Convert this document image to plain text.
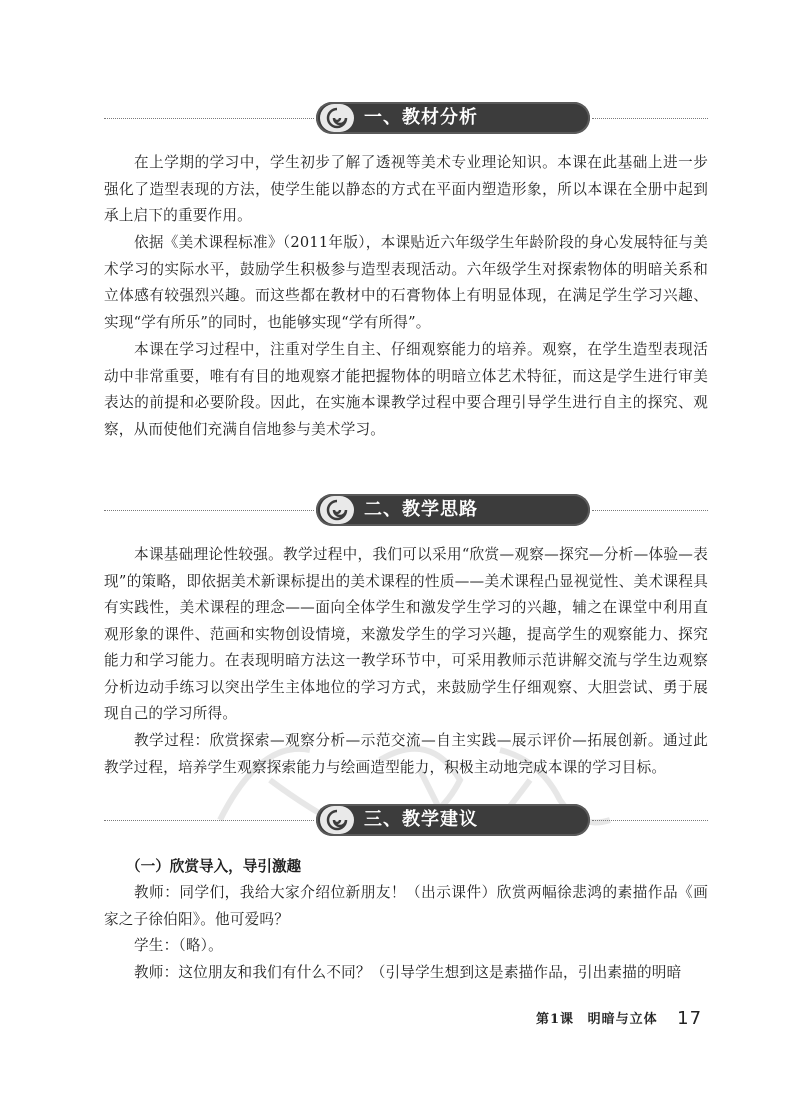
一、教材分析

在上学期的学习中，学生初步了解了透视等美术专业理论知识。本课在此基础上进一步强化了造型表现的方法，使学生能以静态的方式在平面内塑造形象，所以本课在全册中起到承上启下的重要作用。

依据《美术课程标准》（2011年版），本课贴近六年级学生年龄阶段的身心发展特征与美术学习的实际水平，鼓励学生积极参与造型表现活动。六年级学生对探索物体的明暗关系和立体感有较强烈兴趣。而这些都在教材中的石膏物体上有明显体现，在满足学生学习兴趣、实现“学有所乐”的同时，也能够实现“学有所得”。

本课在学习过程中，注重对学生自主、仔细观察能力的培养。观察，在学生造型表现活动中非常重要，唯有有目的地观察才能把握物体的明暗立体艺术特征，而这是学生进行审美表达的前提和必要阶段。因此，在实施本课教学过程中要合理引导学生进行自主的探究、观察，从而使他们充满自信地参与美术学习。

二、教学思路

本课基础理论性较强。教学过程中，我们可以采用“欣赏—观察—探究—分析—体验—表现”的策略，即依据美术新课标提出的美术课程的性质——美术课程凸显视觉性、美术课程具有实践性，美术课程的理念——面向全体学生和激发学生学习的兴趣，辅之在课堂中利用直观形象的课件、范画和实物创设情境，来激发学生的学习兴趣，提高学生的观察能力、探究能力和学习能力。在表现明暗方法这一教学环节中，可采用教师示范讲解交流与学生边观察分析边动手练习以突出学生主体地位的学习方式，来鼓励学生仔细观察、大胆尝试、勇于展现自己的学习所得。

教学过程：欣赏探索—观察分析—示范交流—自主实践—展示评价—拓展创新。通过此教学过程，培养学生观察探索能力与绘画造型能力，积极主动地完成本课的学习目标。

三、教学建议

（一）欣赏导入，导引激趣

教师：同学们，我给大家介绍位新朋友！（出示课件）欣赏两幅徐悲鸿的素描作品《画家之子徐伯阳》。他可爱吗？

学生：（略）。

教师：这位朋友和我们有什么不同？（引导学生想到这是素描作品，引出素描的明暗

第1课 明暗与立体 17
